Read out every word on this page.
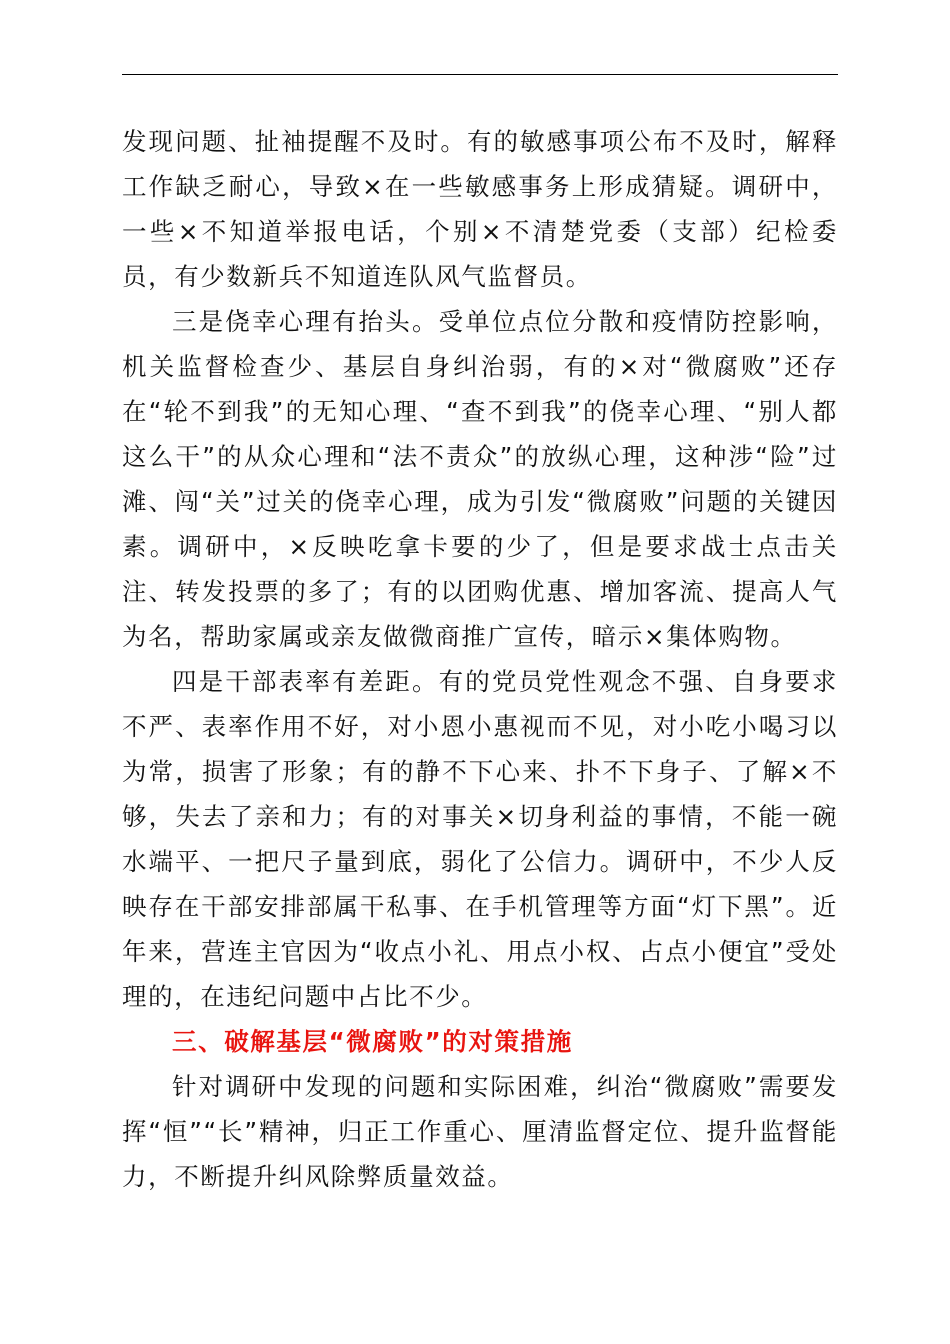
发现问题、扯袖提醒不及时。有的敏感事项公布不及时，解释工作缺乏耐心，导致×在一些敏感事务上形成猜疑。调研中，一些×不知道举报电话，个别×不清楚党委（支部）纪检委员，有少数新兵不知道连队风气监督员。

三是侥幸心理有抬头。受单位点位分散和疫情防控影响，机关监督检查少、基层自身纠治弱，有的×对“微腐败”还存在“轮不到我”的无知心理、“查不到我”的侥幸心理、“别人都这么干”的从众心理和“法不责众”的放纵心理，这种涉“险”过滩、闯“关”过关的侥幸心理，成为引发“微腐败”问题的关键因素。调研中，×反映吃拿卡要的少了，但是要求战士点击关注、转发投票的多了；有的以团购优惠、增加客流、提高人气为名，帮助家属或亲友做微商推广宣传，暗示×集体购物。

四是干部表率有差距。有的党员党性观念不强、自身要求不严、表率作用不好，对小恩小惠视而不见，对小吃小喝习以为常，损害了形象；有的静不下心来、扑不下身子、了解×不够，失去了亲和力；有的对事关×切身利益的事情，不能一碗水端平、一把尺子量到底，弱化了公信力。调研中，不少人反映存在干部安排部属干私事、在手机管理等方面“灯下黑”。近年来，营连主官因为“收点小礼、用点小权、占点小便宜”受处理的，在违纪问题中占比不少。

三、破解基层“微腐败”的对策措施

针对调研中发现的问题和实际困难，纠治“微腐败”需要发挥“恒”“长”精神，归正工作重心、厘清监督定位、提升监督能力，不断提升纠风除弊质量效益。
